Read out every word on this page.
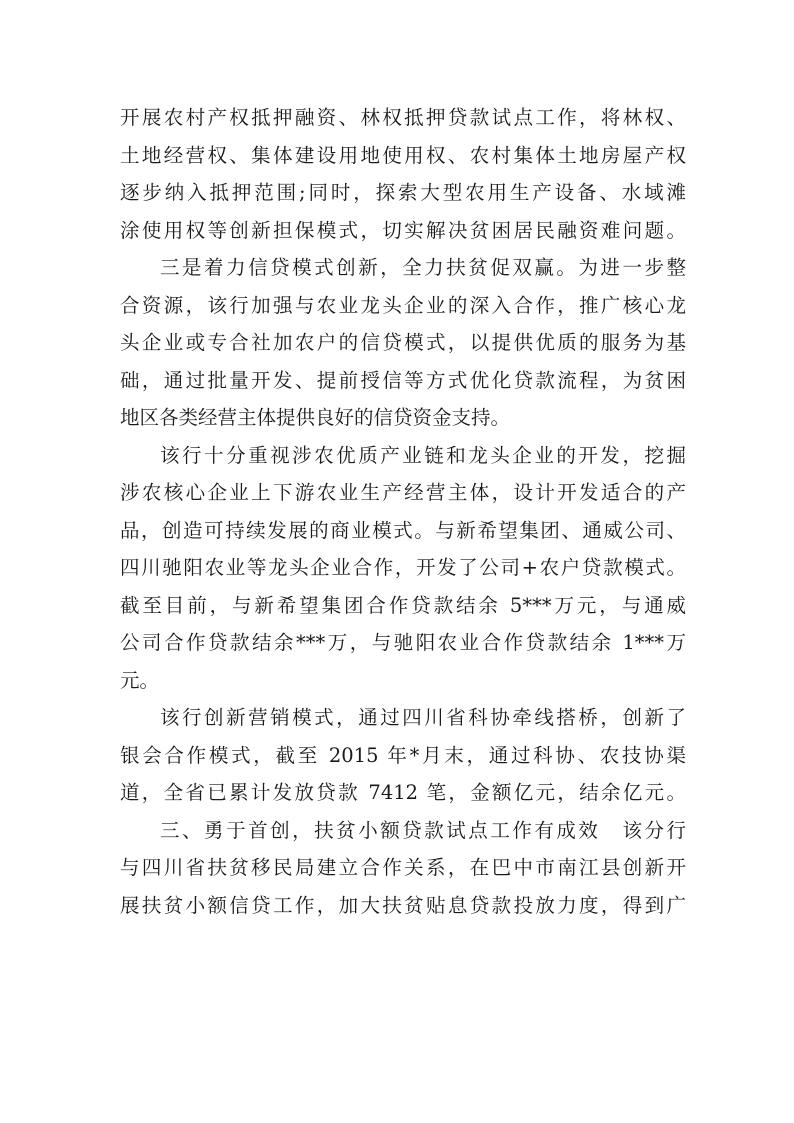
开展农村产权抵押融资、林权抵押贷款试点工作，将林权、
土地经营权、集体建设用地使用权、农村集体土地房屋产权
逐步纳入抵押范围;同时，探索大型农用生产设备、水域滩
涂使用权等创新担保模式，切实解决贫困居民融资难问题。
三是着力信贷模式创新，全力扶贫促双赢。为进一步整
合资源，该行加强与农业龙头企业的深入合作，推广核心龙
头企业或专合社加农户的信贷模式，以提供优质的服务为基
础，通过批量开发、提前授信等方式优化贷款流程，为贫困
地区各类经营主体提供良好的信贷资金支持。
该行十分重视涉农优质产业链和龙头企业的开发，挖掘
涉农核心企业上下游农业生产经营主体，设计开发适合的产
品，创造可持续发展的商业模式。与新希望集团、通威公司、
四川驰阳农业等龙头企业合作，开发了公司+农户贷款模式。
截至目前，与新希望集团合作贷款结余 5***万元，与通威
公司合作贷款结余***万，与驰阳农业合作贷款结余 1***万
元。
该行创新营销模式，通过四川省科协牵线搭桥，创新了
银会合作模式，截至 2015 年*月末，通过科协、农技协渠
道，全省已累计发放贷款 7412 笔，金额亿元，结余亿元。
三、勇于首创，扶贫小额贷款试点工作有成效　该分行
与四川省扶贫移民局建立合作关系，在巴中市南江县创新开
展扶贫小额信贷工作，加大扶贫贴息贷款投放力度，得到广
